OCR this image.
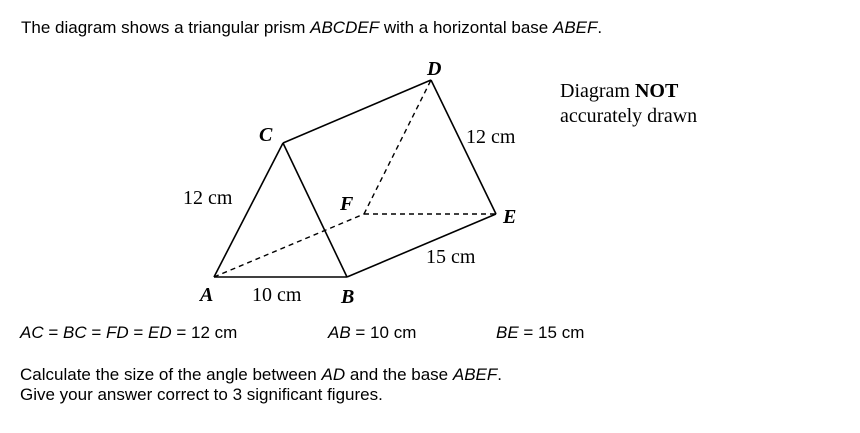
The diagram shows a triangular prism ABCDEF with a horizontal base ABEF.
A	B
C
D
E
F
12 cm
12 cm
10 cm
15 cm
Diagram NOT
accurately drawn
AC = BC = FD = ED = 12 cm	AB = 10 cm	BE = 15 cm
Calculate the size of the angle between AD and the base ABEF.
Give your answer correct to 3 significant figures.
